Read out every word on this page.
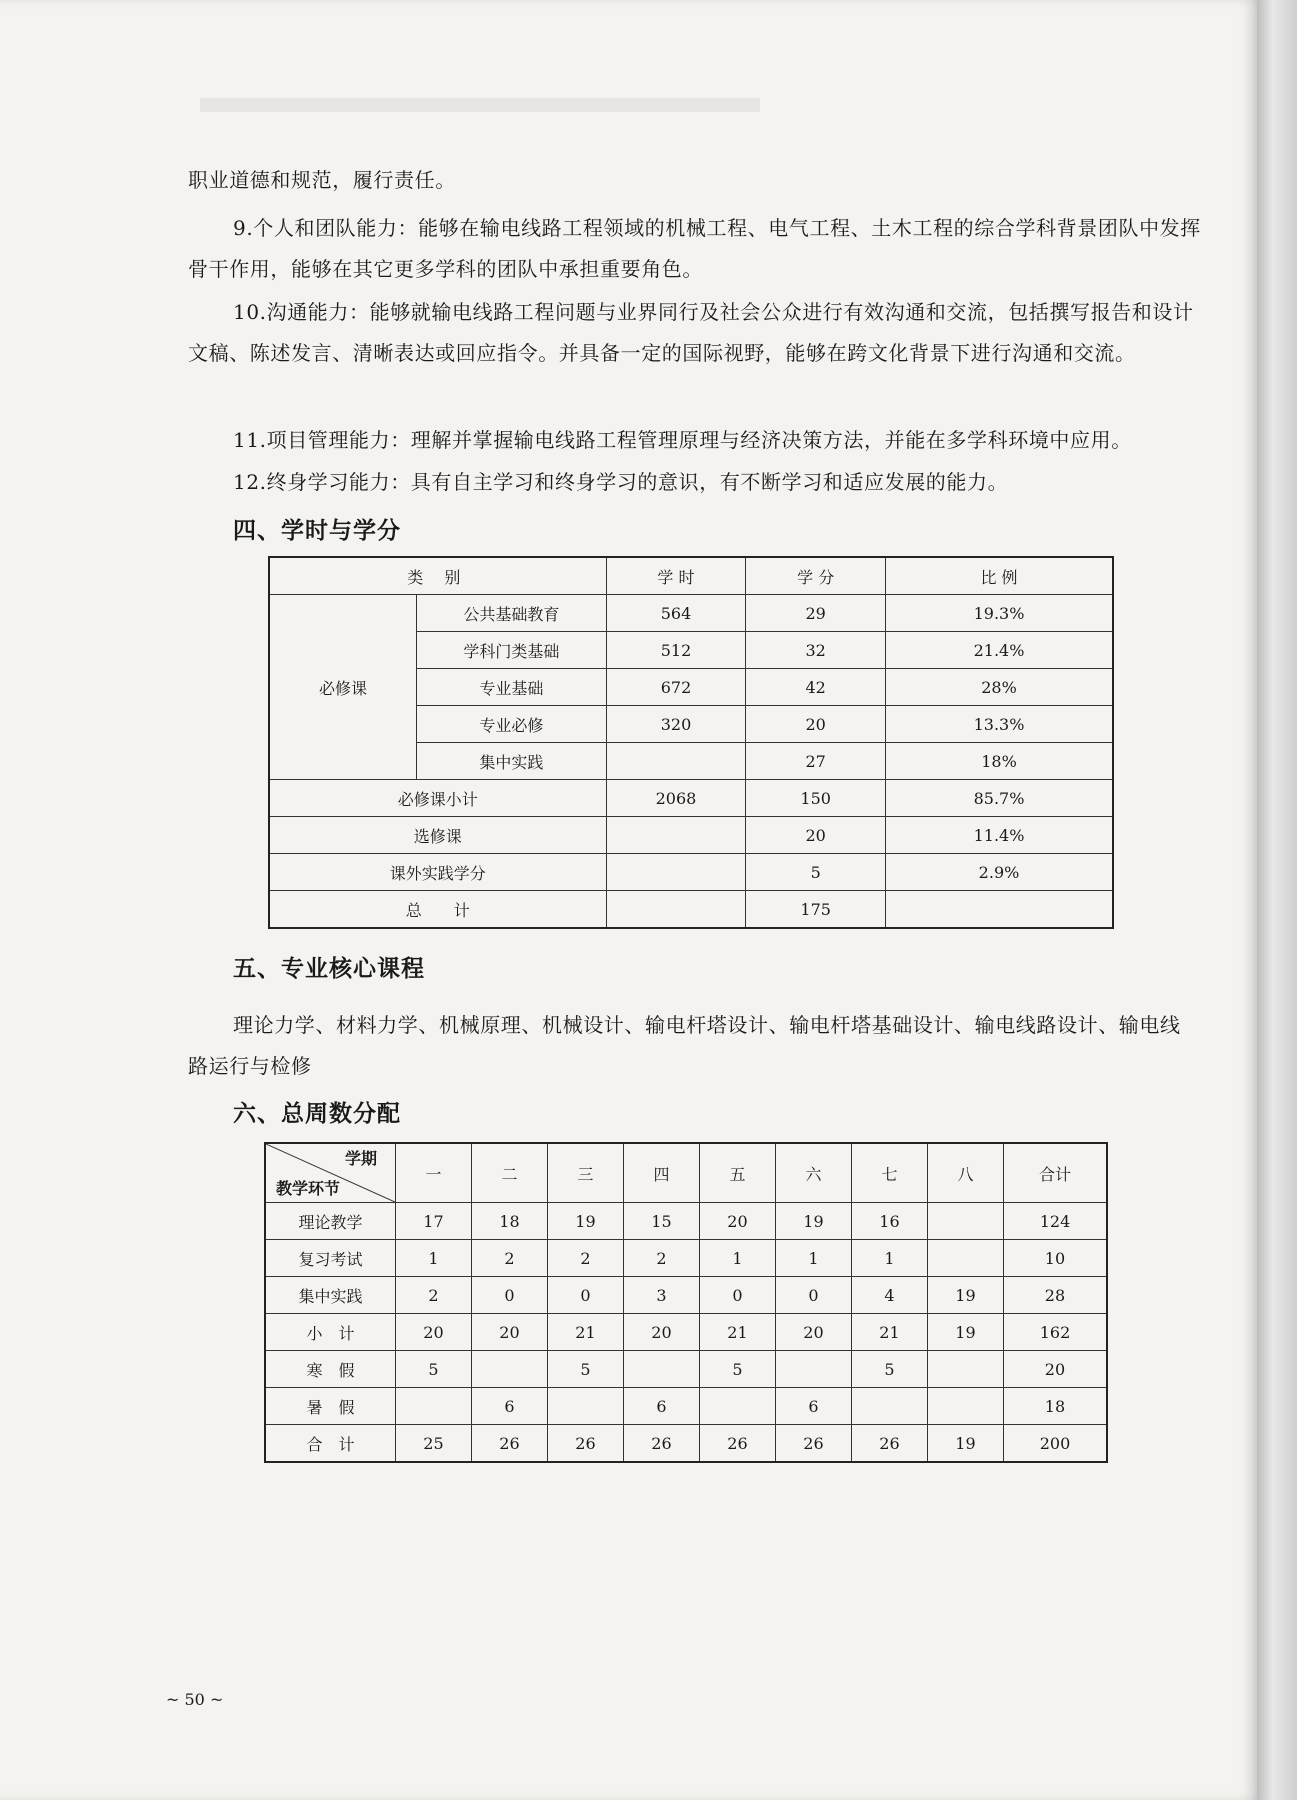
职业道德和规范，履行责任。

9.个人和团队能力：能够在输电线路工程领域的机械工程、电气工程、土木工程的综合学科背景团队中发挥骨干作用，能够在其它更多学科的团队中承担重要角色。

10.沟通能力：能够就输电线路工程问题与业界同行及社会公众进行有效沟通和交流，包括撰写报告和设计文稿、陈述发言、清晰表达或回应指令。并具备一定的国际视野，能够在跨文化背景下进行沟通和交流。

11.项目管理能力：理解并掌握输电线路工程管理原理与经济决策方法，并能在多学科环境中应用。

12.终身学习能力：具有自主学习和终身学习的意识，有不断学习和适应发展的能力。

四、学时与学分
类 别		学 时	学 分	比 例
必修课	公共基础教育	564	29	19.3%
	学科门类基础	512	32	21.4%
	专业基础	672	42	28%
	专业必修	320	20	13.3%
	集中实践		27	18%
必修课小计		2068	150	85.7%
选修课			20	11.4%
课外实践学分			5	2.9%
总　　计			175	
五、专业核心课程

理论力学、材料力学、机械原理、机械设计、输电杆塔设计、输电杆塔基础设计、输电线路设计、输电线路运行与检修

六、总周数分配
学期
教学环节	一	二	三	四	五	六	七	八	合计
理论教学	17	18	19	15	20	19	16		124
复习考试	1	2	2	2	1	1	1		10
集中实践	2	0	0	3	0	0	4	19	28
小　计	20	20	21	20	21	20	21	19	162
寒　假	5		5		5		5		20
暑　假		6		6		6			18
合　计	25	26	26	26	26	26	26	19	200
~ 50 ~
